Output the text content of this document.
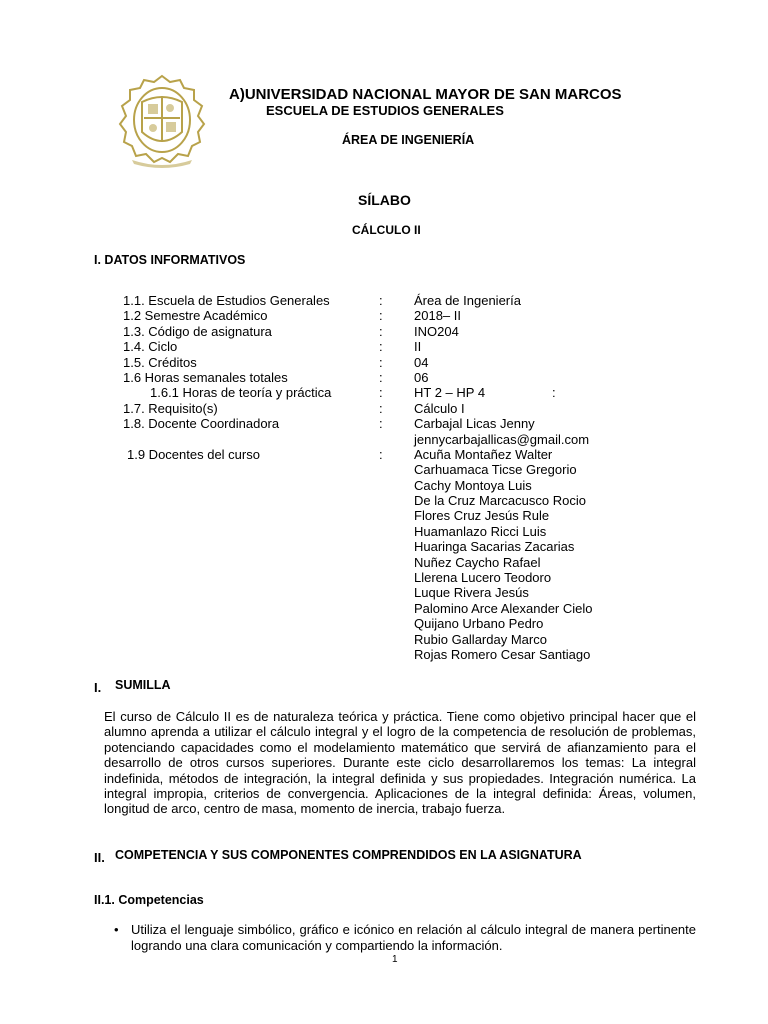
A)UNIVERSIDAD NACIONAL MAYOR DE SAN MARCOS
ESCUELA DE ESTUDIOS GENERALES
ÁREA DE INGENIERÍA
SÍLABO
CÁLCULO II
I. DATOS INFORMATIVOS
1.1. Escuela de Estudios Generales	: Área de Ingeniería
1.2 Semestre Académico	: 2018– II
1.3. Código de asignatura	: INO204
1.4. Ciclo	: II
1.5. Créditos	: 04
1.6 Horas semanales totales	: 06
1.6.1 Horas de teoría y práctica	: HT 2 – HP 4	:
1.7. Requisito(s)	: Cálculo I
1.8. Docente Coordinadora	: Carbajal Licas Jenny
jennycarbajallicas@gmail.com
1.9 Docentes del curso	: Acuña Montañez Walter
Carhuamaca Ticse Gregorio
Cachy Montoya Luis
De la Cruz Marcacusco Rocio
Flores Cruz Jesús Rule
Huamanlazo Ricci Luis
Huaringa Sacarias Zacarias
Nuñez Caycho Rafael
Llerena Lucero Teodoro
Luque Rivera Jesús
Palomino Arce Alexander Cielo
Quijano Urbano Pedro
Rubio Gallarday Marco
Rojas Romero Cesar Santiago
I. SUMILLA

El curso de Cálculo II es de naturaleza teórica y práctica. Tiene como objetivo principal hacer que el alumno aprenda a utilizar el cálculo integral y el logro de la competencia de resolución de problemas, potenciando capacidades como el modelamiento matemático que servirá de afianzamiento para el desarrollo de otros cursos superiores. Durante este ciclo desarrollaremos los temas: La integral indefinida, métodos de integración, la integral definida y sus propiedades. Integración numérica. La integral impropia, criterios de convergencia. Aplicaciones de la integral definida: Áreas, volumen, longitud de arco, centro de masa, momento de inercia, trabajo fuerza.

II. COMPETENCIA Y SUS COMPONENTES COMPRENDIDOS EN LA ASIGNATURA
II.1. Competencias
• Utiliza el lenguaje simbólico, gráfico e icónico en relación al cálculo integral de manera pertinente logrando una clara comunicación y compartiendo la información.

1
